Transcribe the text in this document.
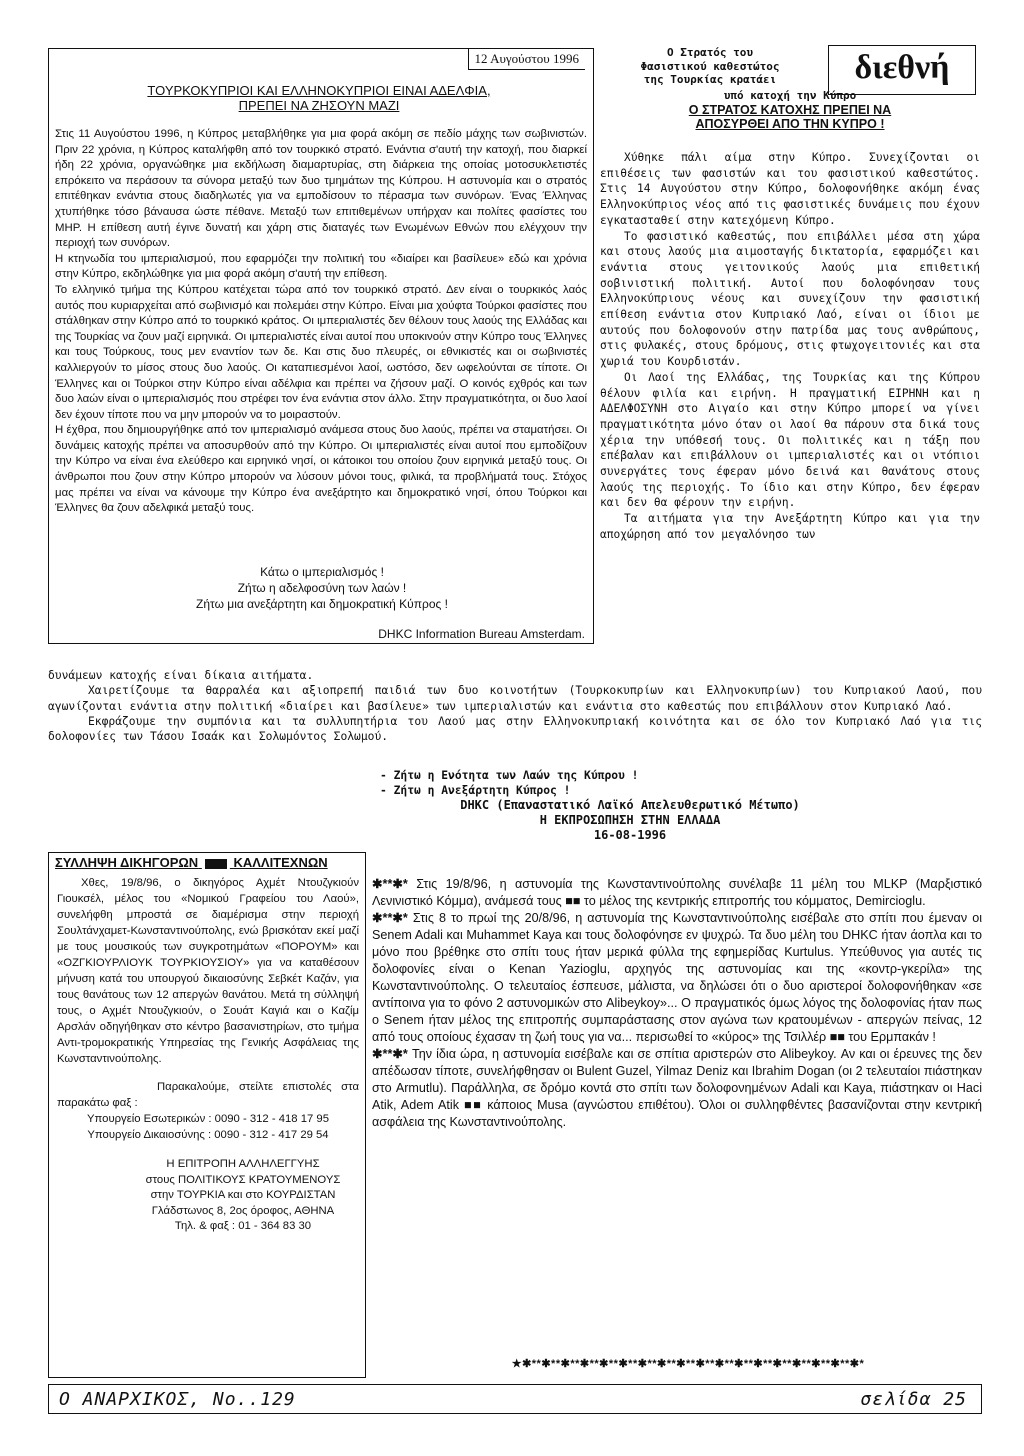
12 Αυγούστου 1996
ΤΟΥΡΚΟΚΥΠΡΙΟΙ ΚΑΙ ΕΛΛΗΝΟΚΥΠΡΙΟΙ ΕΙΝΑΙ ΑΔΕΛΦΙΑ,
ΠΡΕΠΕΙ ΝΑ ΖΗΣΟΥΝ ΜΑΖΙ

Στις 11 Αυγούστου 1996, η Κύπρος μεταβλήθηκε για μια φορά ακόμη σε πεδίο μάχης των σωβινιστών. Πριν 22 χρόνια, η Κύπρος καταλήφθη από τον τουρκικό στρατό. Ενάντια σ'αυτή την κατοχή, που διαρκεί ήδη 22 χρόνια, οργανώθηκε μια εκδήλωση διαμαρτυρίας, στη διάρκεια της οποίας μοτοσυκλετιστές επρόκειτο να περάσουν τα σύνορα μεταξύ των δυο τμημάτων της Κύπρου. Η αστυνομία και ο στρατός επιτέθηκαν ενάντια στους διαδηλωτές για να εμποδίσουν το πέρασμα των συνόρων. Ένας Έλληνας χτυπήθηκε τόσο βάναυσα ώστε πέθανε. Μεταξύ των επιτιθεμένων υπήρχαν και πολίτες φασίστες του ΜΗΡ. Η επίθεση αυτή έγινε δυνατή και χάρη στις διαταγές των Ενωμένων Εθνών που ελέγχουν την περιοχή των συνόρων.

Η κτηνωδία του ιμπεριαλισμού, που εφαρμόζει την πολιτική του «διαίρει και βασίλευε» εδώ και χρόνια στην Κύπρο, εκδηλώθηκε για μια φορά ακόμη σ'αυτή την επίθεση.

Το ελληνικό τμήμα της Κύπρου κατέχεται τώρα από τον τουρκικό στρατό. Δεν είναι ο τουρκικός λαός αυτός που κυριαρχείται από σωβινισμό και πολεμάει στην Κύπρο. Είναι μια χούφτα Τούρκοι φασίστες που στάλθηκαν στην Κύπρο από το τουρκικό κράτος. Οι ιμπεριαλιστές δεν θέλουν τους λαούς της Ελλάδας και της Τουρκίας να ζουν μαζί ειρηνικά. Οι ιμπεριαλιστές είναι αυτοί που υποκινούν στην Κύπρο τους Έλληνες και τους Τούρκους, τους μεν εναντίον των δε. Και στις δυο πλευρές, οι εθνικιστές και οι σωβινιστές καλλιεργούν το μίσος στους δυο λαούς. Οι καταπιεσμένοι λαοί, ωστόσο, δεν ωφελούνται σε τίποτε. Οι Έλληνες και οι Τούρκοι στην Κύπρο είναι αδέλφια και πρέπει να ζήσουν μαζί. Ο κοινός εχθρός και των δυο λαών είναι ο ιμπεριαλισμός που στρέφει τον ένα ενάντια στον άλλο. Στην πραγματικότητα, οι δυο λαοί δεν έχουν τίποτε που να μην μπορούν να το μοιραστούν.

Η έχθρα, που δημιουργήθηκε από τον ιμπεριαλισμό ανάμεσα στους δυο λαούς, πρέπει να σταματήσει. Οι δυνάμεις κατοχής πρέπει να αποσυρθούν από την Κύπρο. Οι ιμπεριαλιστές είναι αυτοί που εμποδίζουν την Κύπρο να είναι ένα ελεύθερο και ειρηνικό νησί, οι κάτοικοι του οποίου ζουν ειρηνικά μεταξύ τους. Οι άνθρωποι που ζουν στην Κύπρο μπορούν να λύσουν μόνοι τους, φιλικά, τα προβλήματά τους. Στόχος μας πρέπει να είναι να κάνουμε την Κύπρο ένα ανεξάρτητο και δημοκρατικό νησί, όπου Τούρκοι και Έλληνες θα ζουν αδελφικά μεταξύ τους.

Κάτω ο ιμπεριαλισμός !
Ζήτω η αδελφοσύνη των λαών !
Ζήτω μια ανεξάρτητη και δημοκρατική Κύπρος !
DHKC Information Bureau Amsterdam.
διεθνή
Ο Στρατός του
Φασιστικού καθεστώτος
της Τουρκίας κρατάει
υπό κατοχή την Κύπρο
Ο ΣΤΡΑΤΟΣ ΚΑΤΟΧΗΣ ΠΡΕΠΕΙ ΝΑ
ΑΠΟΣΥΡΘΕΙ ΑΠΟ ΤΗΝ ΚΥΠΡΟ !

Χύθηκε πάλι αίμα στην Κύπρο. Συνεχίζονται οι επιθέσεις των φασιστών και του φασιστικού καθεστώτος. Στις 14 Αυγούστου στην Κύπρο, δολοφονήθηκε ακόμη ένας Ελληνοκύπριος νέος από τις φασιστικές δυνάμεις που έχουν εγκατασταθεί στην κατεχόμενη Κύπρο.

Το φασιστικό καθεστώς, που επιβάλλει μέσα στη χώρα και στους λαούς μια αιμοσταγής δικτατορία, εφαρμόζει και ενάντια στους γειτονικούς λαούς μια επιθετική σοβινιστική πολιτική. Αυτοί που δολοφόνησαν τους Ελληνοκύπριους νέους και συνεχίζουν την φασιστική επίθεση ενάντια στον Κυπριακό Λαό, είναι οι ίδιοι με αυτούς που δολοφονούν στην πατρίδα μας τους ανθρώπους, στις φυλακές, στους δρόμους, στις φτωχογειτονιές και στα χωριά του Κουρδιστάν.

Οι Λαοί της Ελλάδας, της Τουρκίας και της Κύπρου θέλουν φιλία και ειρήνη. Η πραγματική ΕΙΡΗΝΗ και η ΑΔΕΛΦΟΣΥΝΗ στο Αιγαίο και στην Κύπρο μπορεί να γίνει πραγματικότητα μόνο όταν οι λαοί θα πάρουν στα δικά τους χέρια την υπόθεσή τους. Οι πολιτικές και η τάξη που επέβαλαν και επιβάλλουν οι ιμπεριαλιστές και οι ντόπιοι συνεργάτες τους έφεραν μόνο δεινά και θανάτους στους λαούς της περιοχής. Το ίδιο και στην Κύπρο, δεν έφεραν και δεν θα φέρουν την ειρήνη.

Τα αιτήματα για την Ανεξάρτητη Κύπρο και για την αποχώρηση από τον μεγαλόνησο των

δυνάμεων κατοχής είναι δίκαια αιτήματα.

Χαιρετίζουμε τα θαρραλέα και αξιοπρεπή παιδιά των δυο κοινοτήτων (Τουρκοκυπρίων και Ελληνοκυπρίων) του Κυπριακού Λαού, που αγωνίζονται ενάντια στην πολιτική «διαίρει και βασίλευε» των ιμπεριαλιστών και ενάντια στο καθεστώς που επιβάλλουν στον Κυπριακό Λαό.

Εκφράζουμε την συμπόνια και τα συλλυπητήρια του Λαού μας στην Ελληνοκυπριακή κοινότητα και σε όλο τον Κυπριακό Λαό για τις δολοφονίες των Τάσου Ισαάκ και Σολωμόντος Σολωμού.

- Ζήτω η Ενότητα των Λαών της Κύπρου !
- Ζήτω η Ανεξάρτητη Κύπρος !
DHKC (Επαναστατικό Λαϊκό Απελευθερωτικό Μέτωπο)
Η ΕΚΠΡΟΣΩΠΗΣΗ ΣΤΗΝ ΕΛΛΑΔΑ
16-08-1996
ΣΥΛΛΗΨΗ ΔΙΚΗΓΟΡΩΝ	ΚΑΛΛΙΤΕΧΝΩΝ

Χθες, 19/8/96, ο δικηγόρος Αχμέτ Ντουζγκιούν Γιουκσέλ, μέλος του «Νομικού Γραφείου του Λαού», συνελήφθη μπροστά σε διαμέρισμα στην περιοχή Σουλτάνχαμετ-Κωνσταντινούπολης, ενώ βρισκόταν εκεί μαζί με τους μουσικούς των συγκροτημάτων «ΠΟΡΟΥΜ» και «ΟΖΓΚΙΟΥΡΛΙΟΥΚ ΤΟΥΡΚΙΟΥΣΙΟΥ» για να καταθέσουν μήνυση κατά του υπουργού δικαιοσύνης Σεβκέτ Καζάν, για τους θανάτους των 12 απεργών θανάτου. Μετά τη σύλληψή τους, ο Αχμέτ Ντουζγκιούν, ο Σουάτ Καγιά και ο Καζίμ Αρσλάν οδηγήθηκαν στο κέντρο βασανιστηρίων, στο τμήμα Αντι-τρομοκρατικής Υπηρεσίας της Γενικής Ασφάλειας της Κωνσταντινούπολης.

Παρακαλούμε, στείλτε επιστολές στα παρακάτω φαξ :

Υπουργείο Εσωτερικών : 0090 - 312 - 418 17 95
Υπουργείο Δικαιοσύνης : 0090 - 312 - 417 29 54
Η ΕΠΙΤΡΟΠΗ ΑΛΛΗΛΕΓΓΥΗΣ
στους ΠΟΛΙΤΙΚΟΥΣ ΚΡΑΤΟΥΜΕΝΟΥΣ
στην ΤΟΥΡΚΙΑ και στο ΚΟΥΡΔΙΣΤΑΝ
Γλάδστωνος 8, 2ος όροφος, ΑΘΗΝΑ
Τηλ. & φαξ : 01 - 364 83 30

✱**✱* Στις 19/8/96, η αστυνομία της Κωνσταντινούπολης συνέλαβε 11 μέλη του MLKP (Μαρξιστικό Λενινιστικό Κόμμα), ανάμεσά τους ■■ το μέλος της κεντρικής επιτροπής του κόμματος, Demircioglu.

✱**✱* Στις 8 το πρωί της 20/8/96, η αστυνομία της Κωνσταντινούπολης εισέβαλε στο σπίτι που έμεναν οι Senem Adali και Muhammet Kaya και τους δολοφόνησε εν ψυχρώ. Τα δυο μέλη του DHKC ήταν άοπλα και το μόνο που βρέθηκε στο σπίτι τους ήταν μερικά φύλλα της εφημερίδας Kurtulus. Υπεύθυνος για αυτές τις δολοφονίες είναι ο Kenan Yazioglu, αρχηγός της αστυνομίας και της «κοντρ-γκερίλα» της Κωνσταντινούπολης. Ο τελευταίος έσπευσε, μάλιστα, να δηλώσει ότι ο δυο αριστεροί δολοφονήθηκαν «σε αντίποινα για το φόνο 2 αστυνομικών στο Alibeykoy»... Ο πραγματικός όμως λόγος της δολοφονίας ήταν πως ο Senem ήταν μέλος της επιτροπής συμπαράστασης στον αγώνα των κρατουμένων - απεργών πείνας, 12 από τους οποίους έχασαν τη ζωή τους για να... περισωθεί το «κύρος» της Τσιλλέρ ■■ του Ερμπακάν !

✱**✱* Την ίδια ώρα, η αστυνομία εισέβαλε και σε σπίτια αριστερών στο Alibeykoy. Αν και οι έρευνες της δεν απέδωσαν τίποτε, συνελήφθησαν οι Bulent Guzel, Yilmaz Deniz και Ibrahim Dogan (οι 2 τελευταίοι πιάστηκαν στο Armutlu). Παράλληλα, σε δρόμο κοντά στο σπίτι των δολοφονημένων Adali και Kaya, πιάστηκαν οι Haci Atik, Adem Atik ■■ κάποιος Musa (αγνώστου επιθέτου). Όλοι οι συλληφθέντες βασανίζονται στην κεντρική ασφάλεια της Κωνσταντινούπολης.

★✱**✱**✱**✱**✱**✱**✱**✱**✱**✱**✱**✱**✱**✱**✱**✱**✱**✱*
Ο ΑΝΑΡΧΙΚΟΣ, Νο..129	σελίδα 25
